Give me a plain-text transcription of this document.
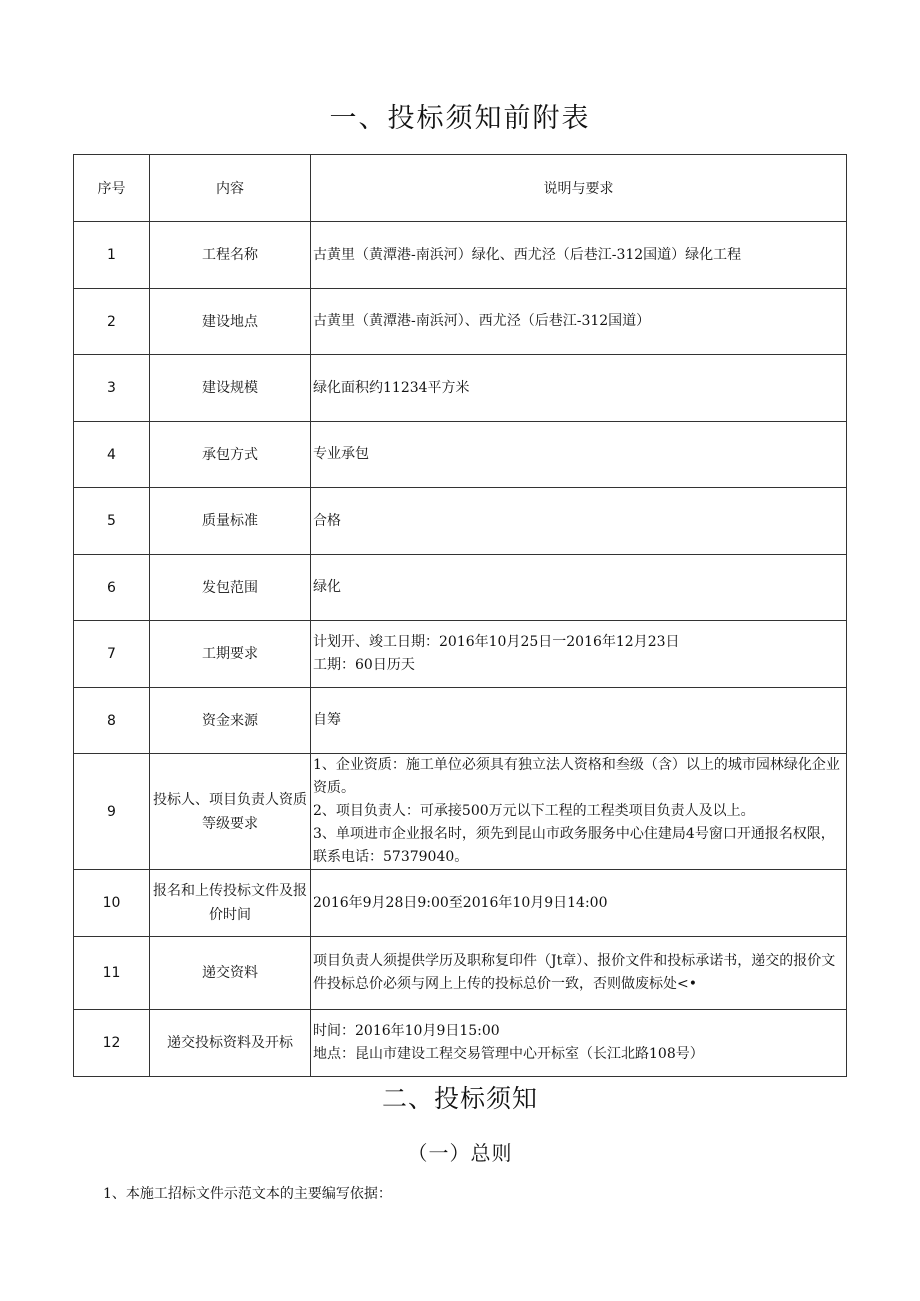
一、投标须知前附表
序号	内容	说明与要求
1	工程名称	古黄里（黄潭港-南浜河）绿化、西尤泾（后巷江-312国道）绿化工程

2	建设地点	古黄里（黄潭港-南浜河）、西尤泾（后巷江-312国道）

3	建设规模	绿化面积约11234平方米

4	承包方式	专业承包

5	质量标准	合格

6	发包范围	绿化

7	工期要求	计划开、竣工日期：2016年10月25日一2016年12月23日
工期：60日历天

8	资金来源	自筹

9	投标人、项目负责人资质等级要求	1、企业资质：施工单位必须具有独立法人资格和叁级（含）以上的城市园林绿化企业资质。
2、项目负责人：可承接500万元以下工程的工程类项目负责人及以上。
3、单项进市企业报名时，须先到昆山市政务服务中心住建局4号窗口开通报名权限，联系电话：57379040。

10	报名和上传投标文件及报价时间	2016年9月28日9:00至2016年10月9日14:00

11	递交资料	项目负责人须提供学历及职称复印件（Jt章）、报价文件和投标承诺书，递交的报价文件投标总价必须与网上上传的投标总价一致，否则做废标处<•

12	递交投标资料及开标	时间：2016年10月9日15:00
地点：昆山市建设工程交易管理中心开标室（长江北路108号）
二、投标须知
（一）总则
1、本施工招标文件示范文本的主要编写依据：
